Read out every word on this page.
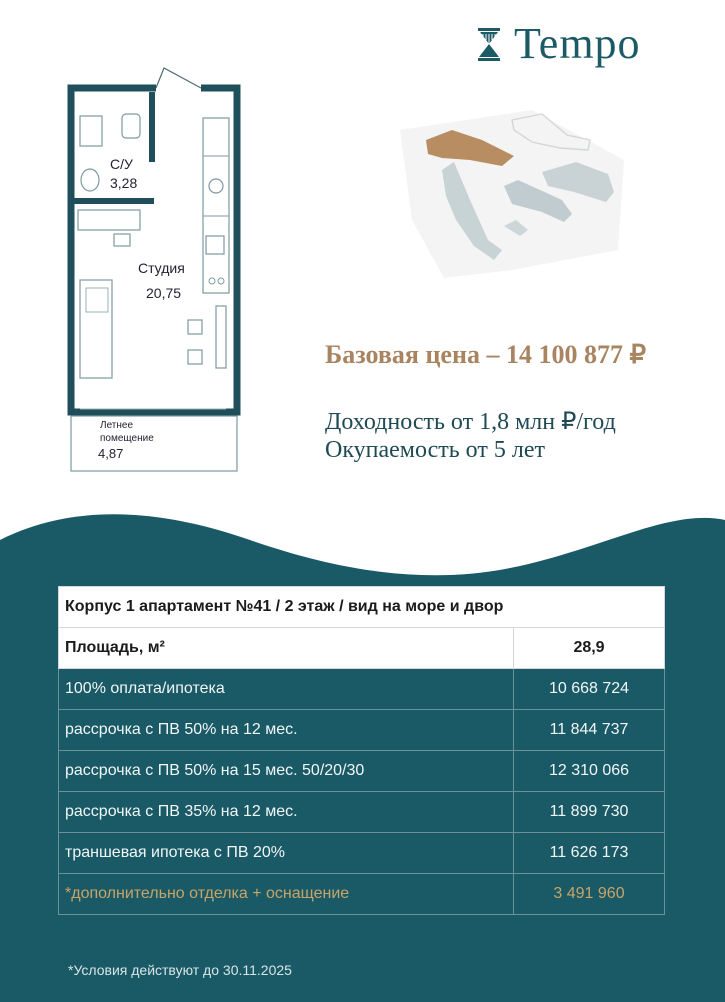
Tempo
С/У
3,28
Студия
20,75
Летнее
помещение
4,87
Базовая цена – 14 100 877 ₽
Доходность от 1,8 млн ₽/год
Окупаемость от 5 лет
Корпус 1 апартамент №41 / 2 этаж / вид на море и двор	
Площадь, м²	28,9
100% оплата/ипотека	10 668 724
рассрочка с ПВ 50% на 12 мес.	11 844 737
рассрочка с ПВ 50% на 15 мес. 50/20/30	12 310 066
рассрочка с ПВ 35% на 12 мес.	11 899 730
траншевая ипотека с ПВ 20%	11 626 173
*дополнительно отделка + оснащение	3 491 960
*Условия действуют до 30.11.2025
